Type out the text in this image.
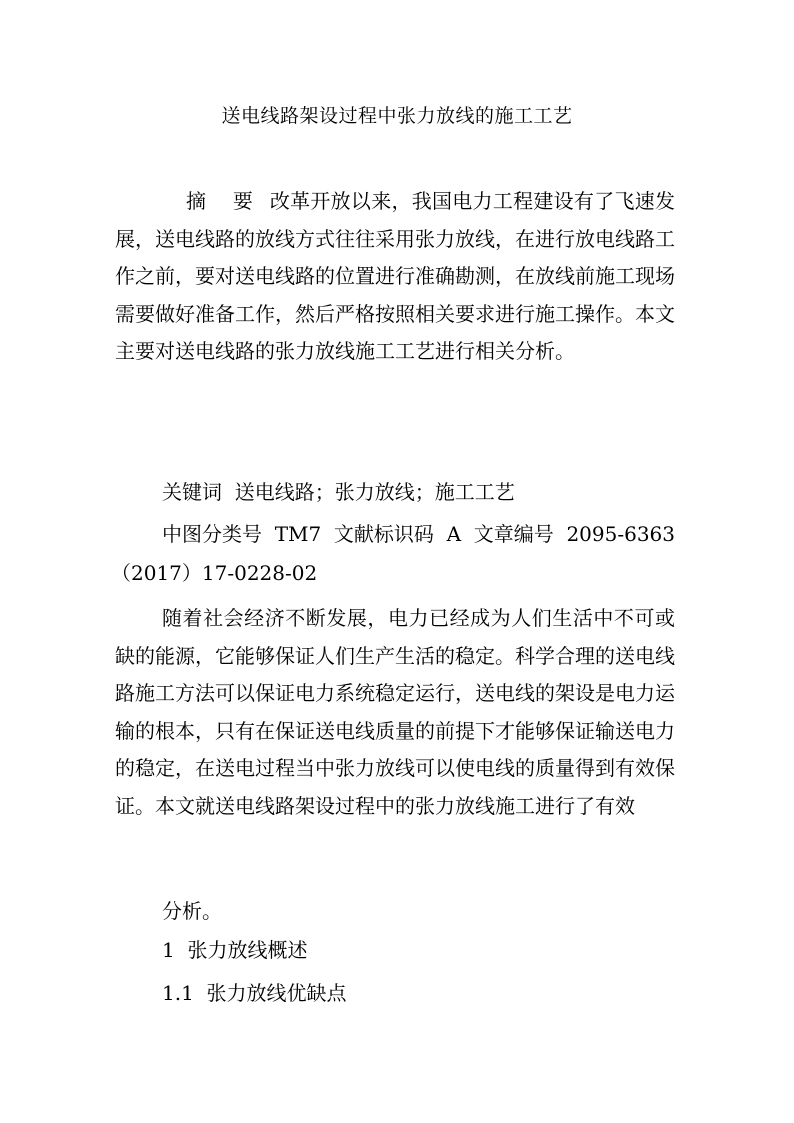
送电线路架设过程中张力放线的施工工艺
摘 要 改革开放以来，我国电力工程建设有了飞速发展，送电线路的放线方式往往采用张力放线，在进行放电线路工作之前，要对送电线路的位置进行准确勘测，在放线前施工现场需要做好准备工作，然后严格按照相关要求进行施工操作。本文主要对送电线路的张力放线施工工艺进行相关分析。
关键词 送电线路；张力放线；施工工艺
中图分类号 TM7 文献标识码 A 文章编号 2095-6363
（2017）17-0228-02
随着社会经济不断发展，电力已经成为人们生活中不可或缺的能源，它能够保证人们生产生活的稳定。科学合理的送电线路施工方法可以保证电力系统稳定运行，送电线的架设是电力运输的根本，只有在保证送电线质量的前提下才能够保证输送电力的稳定，在送电过程当中张力放线可以使电线的质量得到有效保证。本文就送电线路架设过程中的张力放线施工进行了有效
分析。
1 张力放线概述
1.1 张力放线优缺点
